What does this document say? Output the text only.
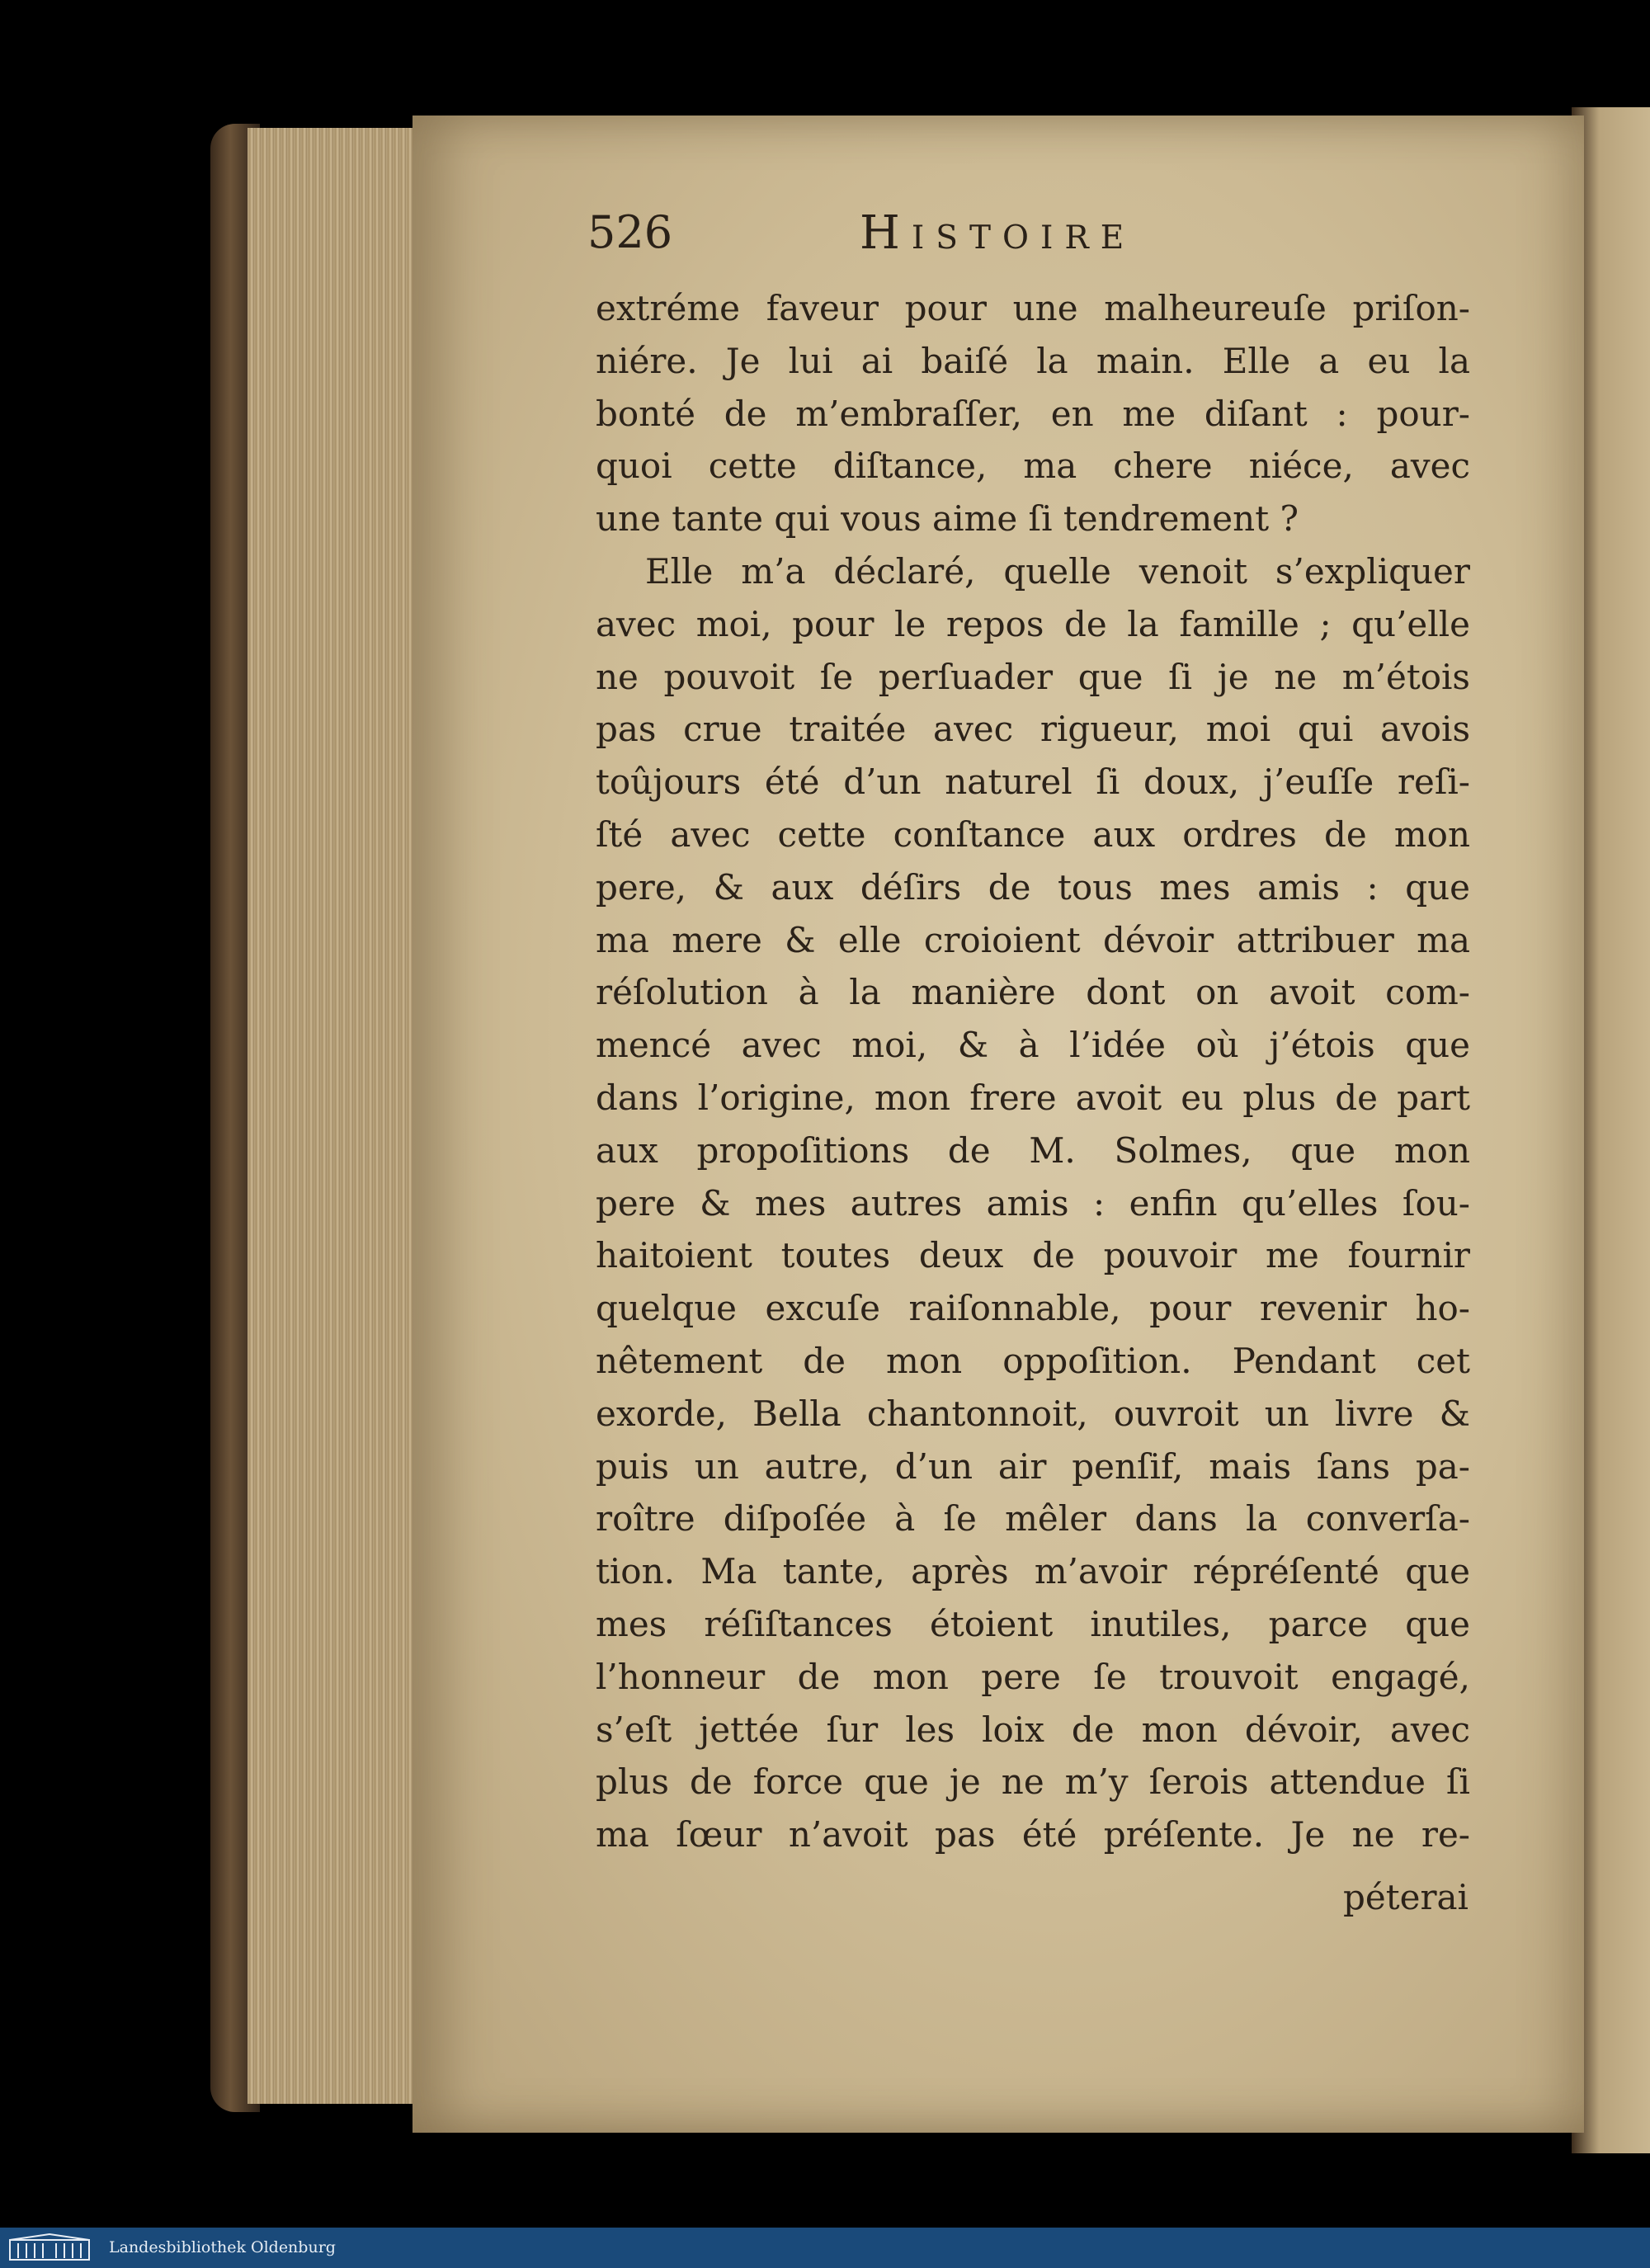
526	Histoire
extréme faveur pour une malheureuſe priſon-
niére. Je lui ai baiſé la main. Elle a eu la
bonté de m’embraſſer, en me diſant : pour-
quoi cette diſtance, ma chere niéce, avec
une tante qui vous aime ſi tendrement ?
Elle m’a déclaré, quelle venoit s’expliquer
avec moi, pour le repos de la famille ; qu’elle
ne pouvoit ſe perſuader que ſi je ne m’étois
pas crue traitée avec rigueur, moi qui avois
toûjours été d’un naturel ſi doux, j’euſſe reſi-
ſté avec cette conſtance aux ordres de mon
pere, & aux déſirs de tous mes amis : que
ma mere & elle croioient dévoir attribuer ma
réſolution à la manière dont on avoit com-
mencé avec moi, & à l’idée où j’étois que
dans l’origine, mon frere avoit eu plus de part
aux propoſitions de M. Solmes, que mon
pere & mes autres amis : enfin qu’elles ſou-
haitoient toutes deux de pouvoir me fournir
quelque excuſe raiſonnable, pour revenir ho-
nêtement de mon oppoſition. Pendant cet
exorde, Bella chantonnoit, ouvroit un livre &
puis un autre, d’un air penſif, mais ſans pa-
roître diſpoſée à ſe mêler dans la converſa-
tion. Ma tante, après m’avoir répréſenté que
mes réſiſtances étoient inutiles, parce que
l’honneur de mon pere ſe trouvoit engagé,
s’eſt jettée ſur les loix de mon dévoir, avec
plus de force que je ne m’y ſerois attendue ſi
ma ſœur n’avoit pas été préſente. Je ne re-
péterai
Landesbibliothek Oldenburg
